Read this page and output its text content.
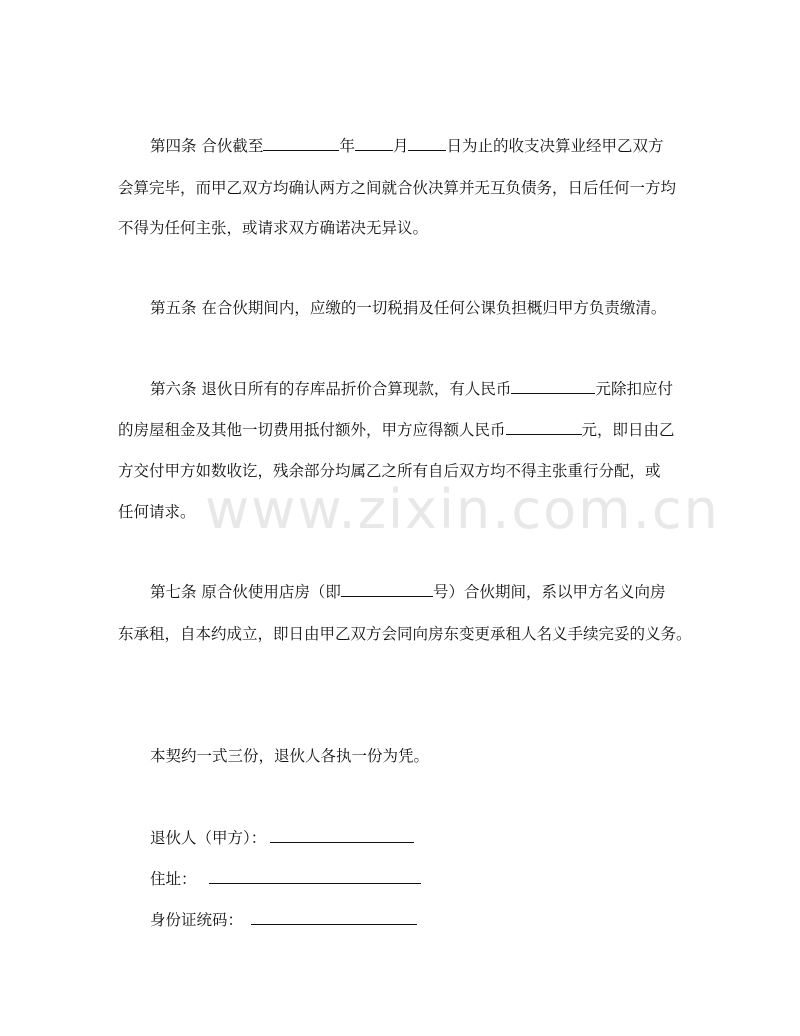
第四条 合伙截至	年 月 日为止的收支决算业经甲乙双方
会算完毕，而甲乙双方均确认两方之间就合伙决算并无互负债务，日后任何一方均
不得为任何主张，或请求双方确诺决无异议。
第五条 在合伙期间内，应缴的一切税捐及任何公课负担概归甲方负责缴清。
第六条 退伙日所有的存库品折价合算现款，有人民币	元除扣应付
的房屋租金及其他一切费用抵付额外，甲方应得额人民币	元，即日由乙
方交付甲方如数收讫，残余部分均属乙之所有自后双方均不得主张重行分配，或
任何请求。
第七条 原合伙使用店房（即	号）合伙期间，系以甲方名义向房
东承租，自本约成立，即日由甲乙双方会同向房东变更承租人名义手续完妥的义务。
本契约一式三份，退伙人各执一份为凭。
退伙人（甲方）：
住址：
身份证统码：
www.zixin.com.cn
